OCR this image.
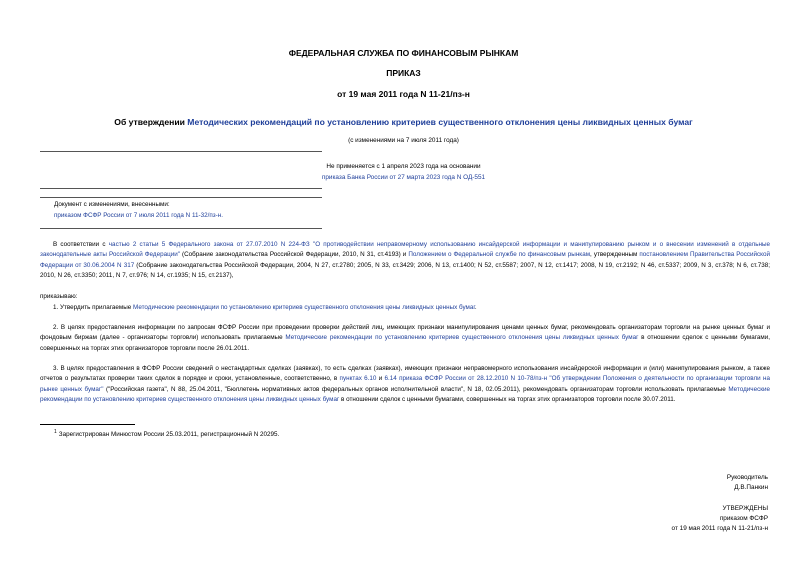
ФЕДЕРАЛЬНАЯ СЛУЖБА ПО ФИНАНСОВЫМ РЫНКАМ
ПРИКАЗ
от 19 мая 2011 года N 11-21/пз-н
Об утверждении Методических рекомендаций по установлению критериев существенного отклонения цены ликвидных ценных бумаг
(с изменениями на 7 июля 2011 года)
Не применяется с 1 апреля 2023 года на основании
приказа Банка России от 27 марта 2023 года N ОД-551
Документ с изменениями, внесенными:
приказом ФСФР России от 7 июля 2011 года N 11-32/пз-н.
В соответствии с частью 2 статьи 5 Федерального закона от 27.07.2010 N 224-ФЗ "О противодействии неправомерному использованию инсайдерской информации и манипулированию рынком и о внесении изменений в отдельные законодательные акты Российской Федерации" (Собрание законодательства Российской Федерации, 2010, N 31, ст.4193) и Положением о Федеральной службе по финансовым рынкам, утвержденным постановлением Правительства Российской Федерации от 30.06.2004 N 317 (Собрание законодательства Российской Федерации, 2004, N 27, ст.2780; 2005, N 33, ст.3429; 2006, N 13, ст.1400; N 52, ст.5587; 2007, N 12, ст.1417; 2008, N 19, ст.2192; N 46, ст.5337; 2009, N 3, ст.378; N 6, ст.738; 2010, N 26, ст.3350; 2011, N 7, ст.976; N 14, ст.1935; N 15, ст.2137),
приказываю:
1. Утвердить прилагаемые Методические рекомендации по установлению критериев существенного отклонения цены ликвидных ценных бумаг.
2. В целях предоставления информации по запросам ФСФР России при проведении проверки действий лиц, имеющих признаки манипулирования ценами ценных бумаг, рекомендовать организаторам торговли на рынке ценных бумаг и фондовым биржам (далее - организаторы торговли) использовать прилагаемые Методические рекомендации по установлению критериев существенного отклонения цены ликвидных ценных бумаг в отношении сделок с ценными бумагами, совершенных на торгах этих организаторов торговли после 26.01.2011.
3. В целях предоставления в ФСФР России сведений о нестандартных сделках (заявках), то есть сделках (заявках), имеющих признаки неправомерного использования инсайдерской информации и (или) манипулирования рынком, а также отчетов о результатах проверки таких сделок в порядке и сроки, установленные, соответственно, в пунктах 6.10 и 6.14 приказа ФСФР России от 28.12.2010 N 10-78/пз-н "Об утверждении Положения о деятельности по организации торговли на рынке ценных бумаг" ("Российская газета", N 88, 25.04.2011, "Бюллетень нормативных актов федеральных органов исполнительной власти", N 18, 02.05.2011), рекомендовать организаторам торговли использовать прилагаемые Методические рекомендации по установлению критериев существенного отклонения цены ликвидных ценных бумаг в отношении сделок с ценными бумагами, совершенных на торгах этих организаторов торговли после 30.07.2011.
$^1$ Зарегистрирован Минюстом России 25.03.2011, регистрационный N 20295.
Руководитель
Д.В.Панкин
УТВЕРЖДЕНЫ
приказом ФСФР
от 19 мая 2011 года N 11-21/пз-н
